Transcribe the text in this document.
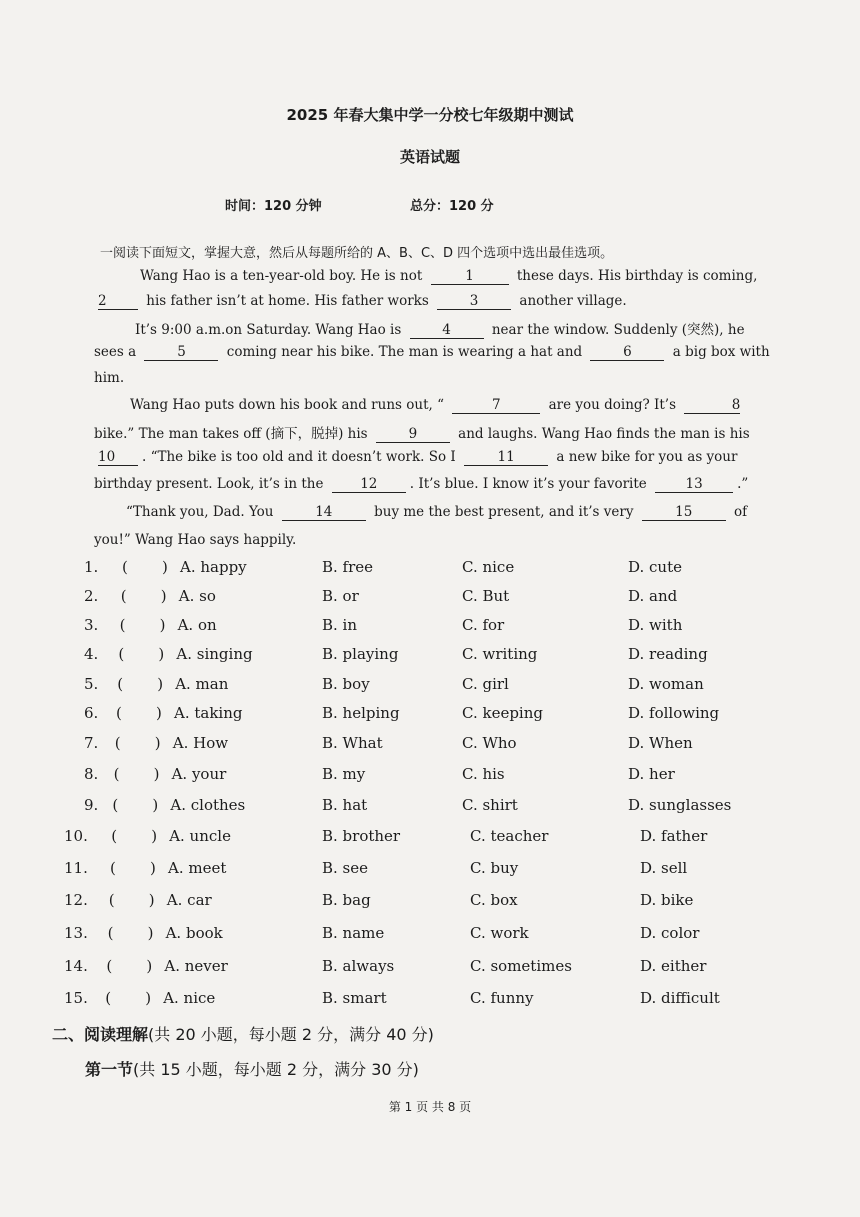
2025 年春大集中学一分校七年级期中测试
英语试题
时间：120 分钟	总分：120 分
一阅读下面短文，掌握大意，然后从每题所给的 A、B、C、D 四个选项中选出最佳选项。
Wang Hao is a ten-year-old boy. He is not	1	these days. His birthday is coming,
2	his father isn’t at home. His father works	3	another village.
It’s 9:00 a.m.on Saturday. Wang Hao is	4	near the window. Suddenly (突然), he
sees a	5	coming near his bike. The man is wearing a hat and	6	a big box with
him.
Wang Hao puts down his book and runs out, “	7	are you doing? It’s	8
bike.” The man takes off (摘下，脱掉) his	9	and laughs. Wang Hao finds the man is his
10 . “The bike is too old and it doesn’t work. So I	11	a new bike for you as your
birthday present. Look, it’s in the	12 . It’s blue. I know it’s your favorite	13	.”
“Thank you, Dad. You	14	buy me the best present, and it’s very	15	of
you!” Wang Hao says happily.
1. ( ) A. happy	B. free	C. nice	D. cute
2. ( ) A. so	B. or	C. But	D. and
3. ( ) A. on	B. in	C. for	D. with
4. ( ) A. singing	B. playing	C. writing	D. reading
5. ( ) A. man	B. boy	C. girl	D. woman
6. ( ) A. taking	B. helping	C. keeping	D. following
7. ( ) A. How	B. What	C. Who	D. When
8. ( ) A. your	B. my	C. his	D. her
9. ( ) A. clothes	B. hat	C. shirt	D. sunglasses
10. ( ) A. uncle	B. brother	C. teacher	D. father
11. ( ) A. meet	B. see	C. buy	D. sell
12. ( ) A. car	B. bag	C. box	D. bike
13. ( ) A. book	B. name	C. work	D. color
14. ( ) A. never	B. always	C. sometimes	D. either
15. ( ) A. nice	B. smart	C. funny	D. difficult
二、阅读理解(共 20 小题，每小题 2 分，满分 40 分)
第一节(共 15 小题，每小题 2 分，满分 30 分)
第 1 页 共 8 页
